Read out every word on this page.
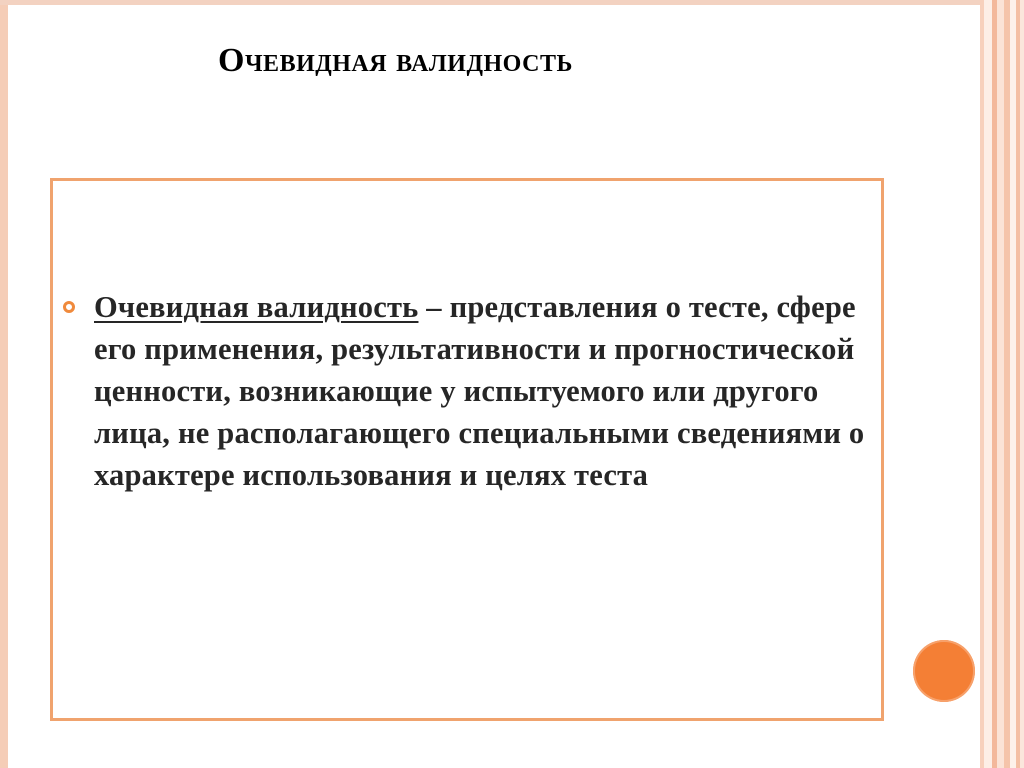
Очевидная валидность
Очевидная валидность – представления о тесте, сфере его применения, результативности и прогностической ценности, возникающие у испытуемого или другого лица, не располагающего специальными сведениями о характере использования и целях теста
